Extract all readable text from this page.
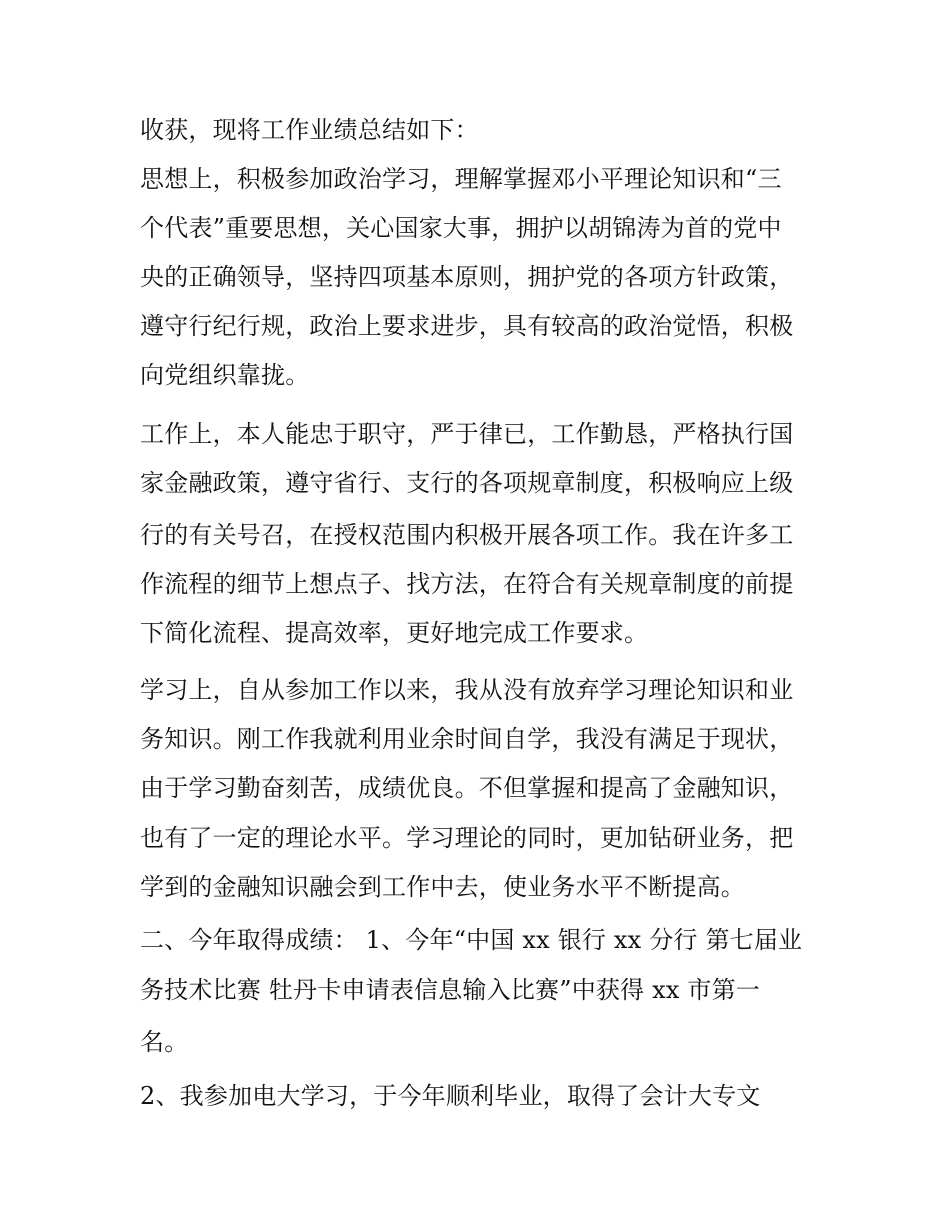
收获，现将工作业绩总结如下：

思想上，积极参加政治学习，理解掌握邓小平理论知识和“三

个代表”重要思想，关心国家大事，拥护以胡锦涛为首的党中

央的正确领导，坚持四项基本原则，拥护党的各项方针政策，

遵守行纪行规，政治上要求进步，具有较高的政治觉悟，积极

向党组织靠拢。

工作上，本人能忠于职守，严于律已，工作勤恳，严格执行国

家金融政策，遵守省行、支行的各项规章制度，积极响应上级

行的有关号召，在授权范围内积极开展各项工作。我在许多工

作流程的细节上想点子、找方法，在符合有关规章制度的前提

下简化流程、提高效率，更好地完成工作要求。

学习上，自从参加工作以来，我从没有放弃学习理论知识和业

务知识。刚工作我就利用业余时间自学，我没有满足于现状，

由于学习勤奋刻苦，成绩优良。不但掌握和提高了金融知识，

也有了一定的理论水平。学习理论的同时，更加钻研业务，把

学到的金融知识融会到工作中去，使业务水平不断提高。

二、今年取得成绩： 1、今年“中国 xx 银行 xx 分行 第七届业

务技术比赛 牡丹卡申请表信息输入比赛”中获得 xx 市第一

名。

2、我参加电大学习，于今年顺利毕业，取得了会计大专文
